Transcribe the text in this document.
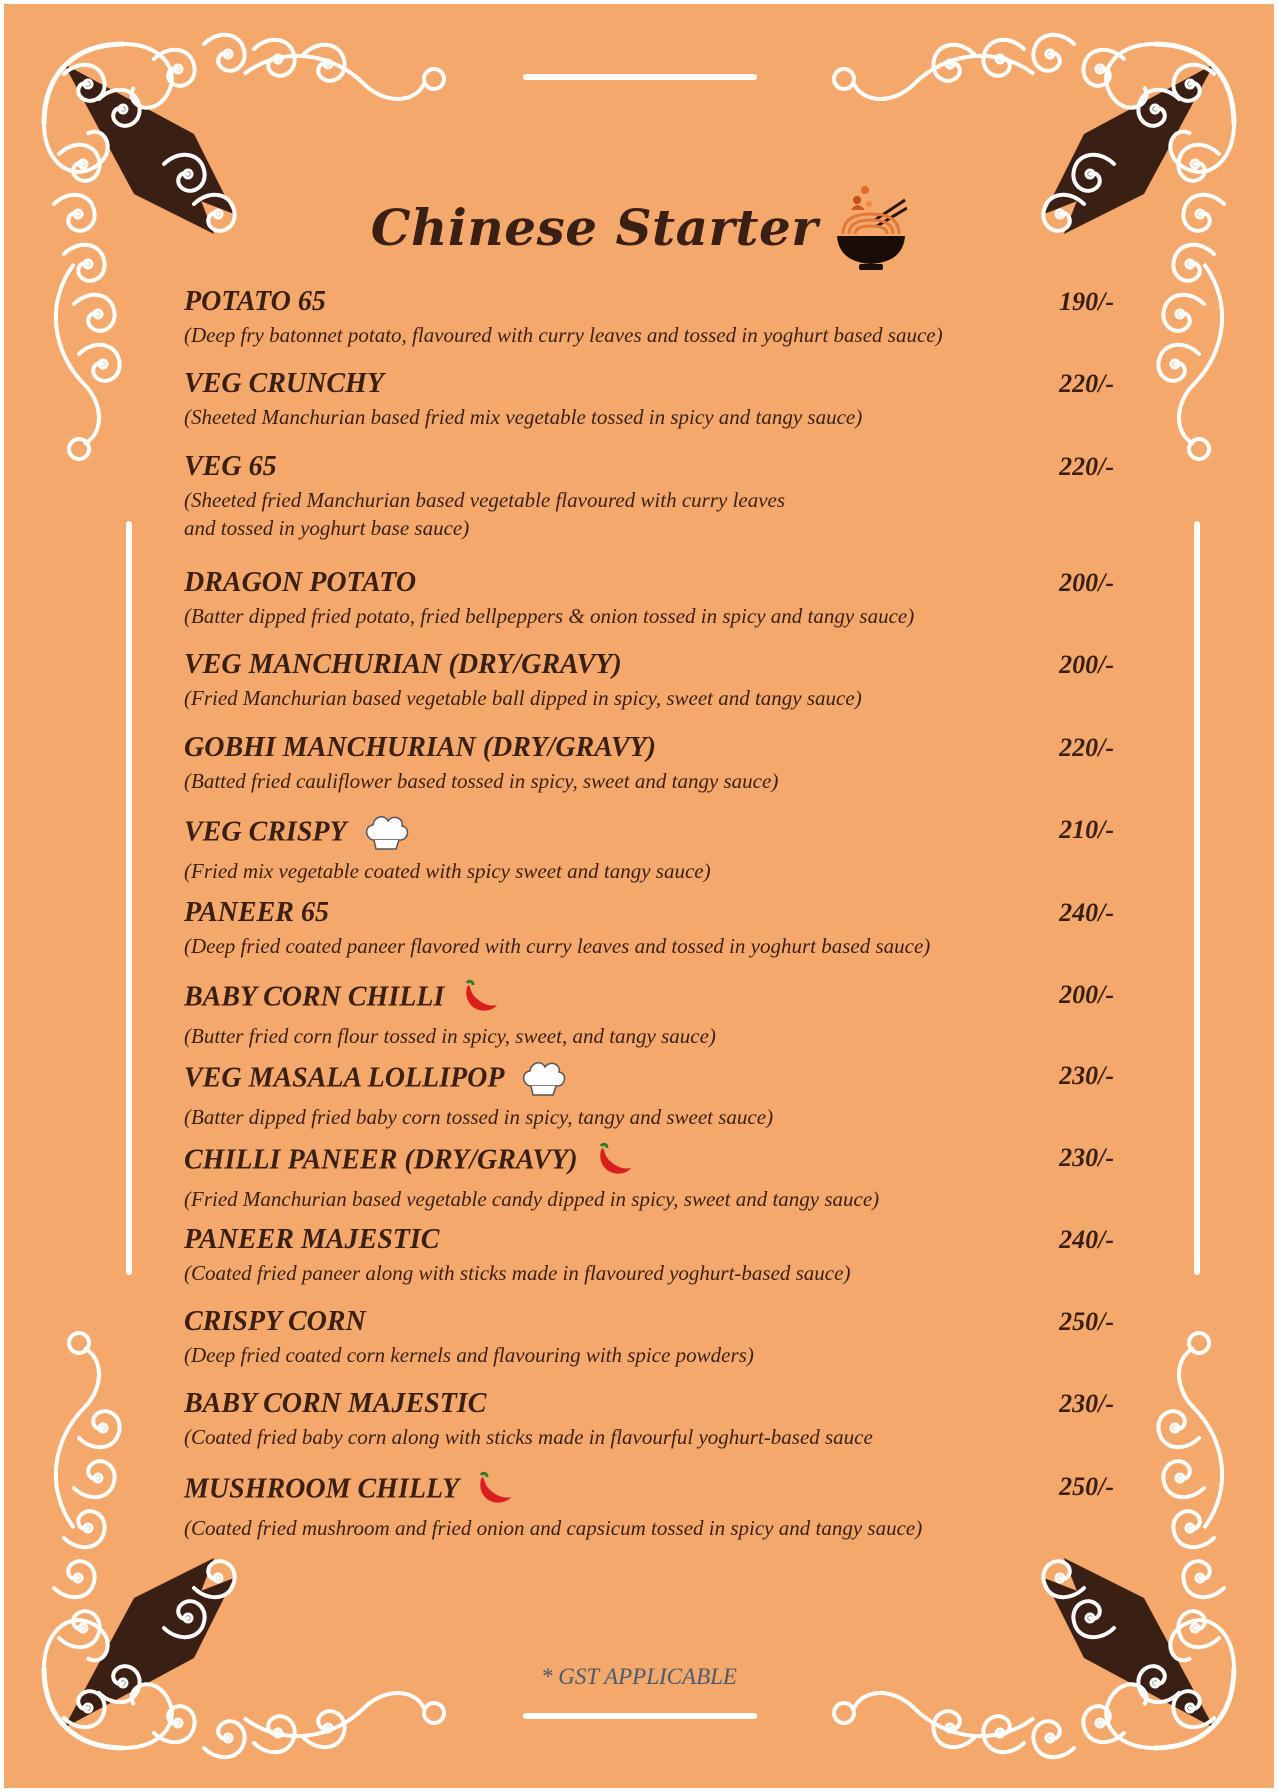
Chinese Starter
POTATO 65	190/-
(Deep fry batonnet potato, flavoured with curry leaves and tossed in yoghurt based sauce)
VEG CRUNCHY	220/-
(Sheeted Manchurian based fried mix vegetable tossed in spicy and tangy sauce)
VEG 65	220/-
(Sheeted fried Manchurian based vegetable flavoured with curry leaves and tossed in yoghurt base sauce)
DRAGON POTATO	200/-
(Batter dipped fried potato, fried bellpeppers & onion tossed in spicy and tangy sauce)
VEG MANCHURIAN (DRY/GRAVY)	200/-
(Fried Manchurian based vegetable ball dipped in spicy, sweet and tangy sauce)
GOBHI MANCHURIAN (DRY/GRAVY)	220/-
(Batted fried cauliflower based tossed in spicy, sweet and tangy sauce)
VEG CRISPY	210/-
(Fried mix vegetable coated with spicy sweet and tangy sauce)
PANEER 65	240/-
(Deep fried coated paneer flavored with curry leaves and tossed in yoghurt based sauce)
BABY CORN CHILLI	200/-
(Butter fried corn flour tossed in spicy, sweet, and tangy sauce)
VEG MASALA LOLLIPOP	230/-
(Batter dipped fried baby corn tossed in spicy, tangy and sweet sauce)
CHILLI PANEER (DRY/GRAVY)	230/-
(Fried Manchurian based vegetable candy dipped in spicy, sweet and tangy sauce)
PANEER MAJESTIC	240/-
(Coated fried paneer along with sticks made in flavoured yoghurt-based sauce)
CRISPY CORN	250/-
(Deep fried coated corn kernels and flavouring with spice powders)
BABY CORN MAJESTIC	230/-
(Coated fried baby corn along with sticks made in flavourful yoghurt-based sauce
MUSHROOM CHILLY	250/-
(Coated fried mushroom and fried onion and capsicum tossed in spicy and tangy sauce)
* GST APPLICABLE
